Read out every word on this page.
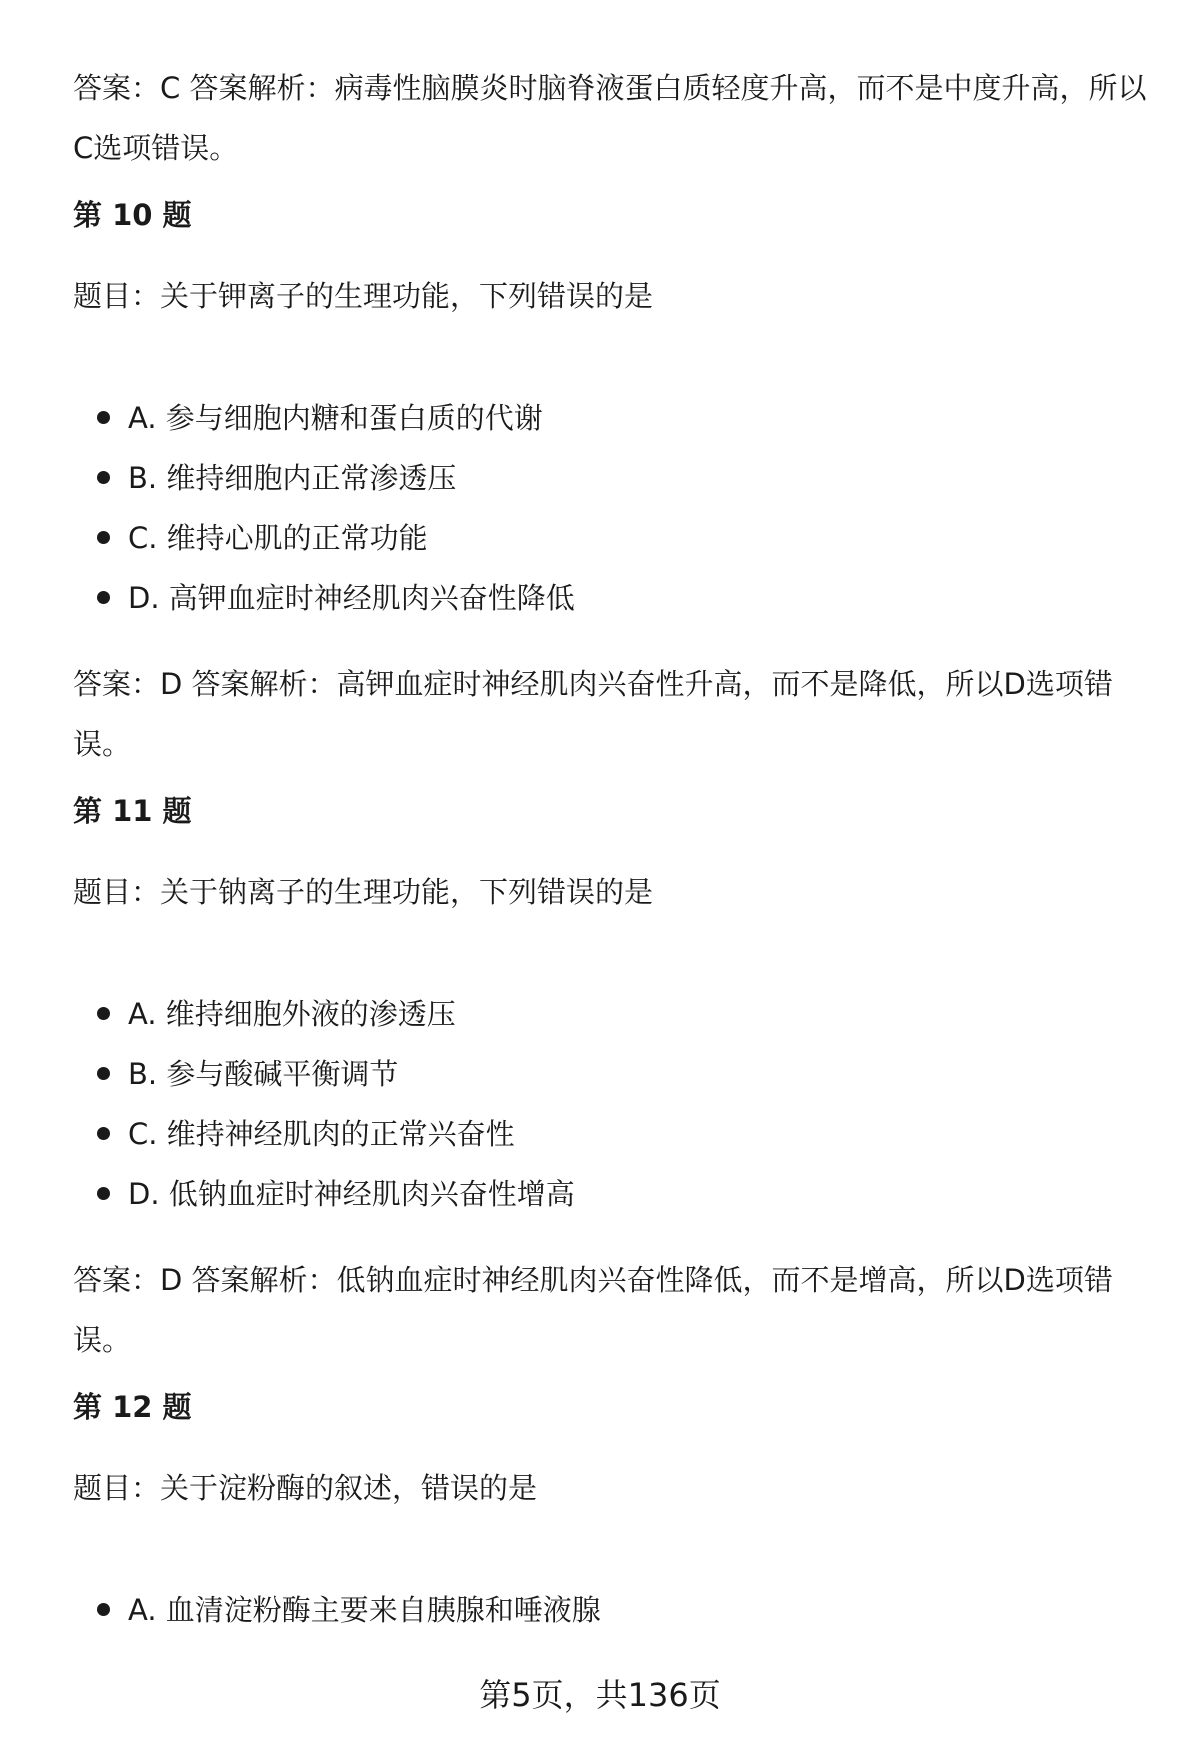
答案：C 答案解析：病毒性脑膜炎时脑脊液蛋白质轻度升高，而不是中度升高，所以C选项错误。

第 10 题

题目：关于钾离子的生理功能，下列错误的是

A. 参与细胞内糖和蛋白质的代谢

B. 维持细胞内正常渗透压

C. 维持心肌的正常功能

D. 高钾血症时神经肌肉兴奋性降低

答案：D 答案解析：高钾血症时神经肌肉兴奋性升高，而不是降低，所以D选项错误。

第 11 题

题目：关于钠离子的生理功能，下列错误的是

A. 维持细胞外液的渗透压

B. 参与酸碱平衡调节

C. 维持神经肌肉的正常兴奋性

D. 低钠血症时神经肌肉兴奋性增高

答案：D 答案解析：低钠血症时神经肌肉兴奋性降低，而不是增高，所以D选项错误。

第 12 题

题目：关于淀粉酶的叙述，错误的是

A. 血清淀粉酶主要来自胰腺和唾液腺

第5页，共136页
